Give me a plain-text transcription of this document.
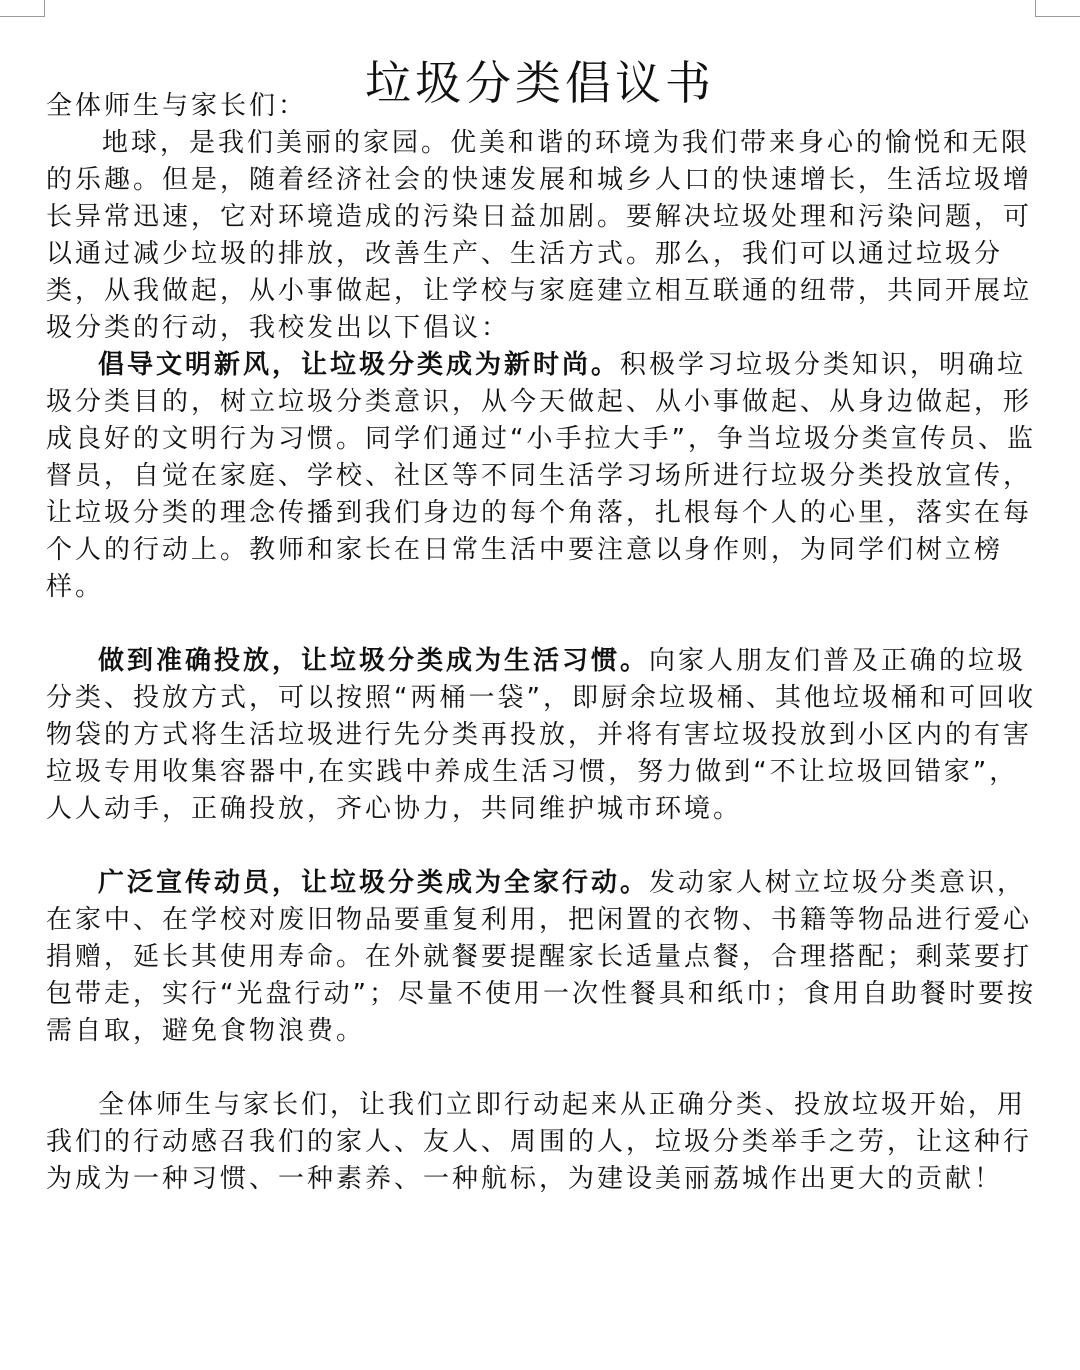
垃圾分类倡议书

全体师生与家长们：

地球，是我们美丽的家园。优美和谐的环境为我们带来身心的愉悦和无限的乐趣。但是，随着经济社会的快速发展和城乡人口的快速增长，生活垃圾增长异常迅速，它对环境造成的污染日益加剧。要解决垃圾处理和污染问题，可以通过减少垃圾的排放，改善生产、生活方式。那么，我们可以通过垃圾分类，从我做起，从小事做起，让学校与家庭建立相互联通的纽带，共同开展垃圾分类的行动，我校发出以下倡议：

倡导文明新风，让垃圾分类成为新时尚。积极学习垃圾分类知识，明确垃圾分类目的，树立垃圾分类意识，从今天做起、从小事做起、从身边做起，形成良好的文明行为习惯。同学们通过“小手拉大手”，争当垃圾分类宣传员、监督员，自觉在家庭、学校、社区等不同生活学习场所进行垃圾分类投放宣传，让垃圾分类的理念传播到我们身边的每个角落，扎根每个人的心里，落实在每个人的行动上。教师和家长在日常生活中要注意以身作则，为同学们树立榜样。

做到准确投放，让垃圾分类成为生活习惯。向家人朋友们普及正确的垃圾分类、投放方式，可以按照“两桶一袋”，即厨余垃圾桶、其他垃圾桶和可回收物袋的方式将生活垃圾进行先分类再投放，并将有害垃圾投放到小区内的有害垃圾专用收集容器中,在实践中养成生活习惯，努力做到“不让垃圾回错家”，人人动手，正确投放，齐心协力，共同维护城市环境。

广泛宣传动员，让垃圾分类成为全家行动。发动家人树立垃圾分类意识，在家中、在学校对废旧物品要重复利用，把闲置的衣物、书籍等物品进行爱心捐赠，延长其使用寿命。在外就餐要提醒家长适量点餐，合理搭配；剩菜要打包带走，实行“光盘行动”；尽量不使用一次性餐具和纸巾；食用自助餐时要按需自取，避免食物浪费。

全体师生与家长们，让我们立即行动起来从正确分类、投放垃圾开始，用我们的行动感召我们的家人、友人、周围的人，垃圾分类举手之劳，让这种行为成为一种习惯、一种素养、一种航标，为建设美丽荔城作出更大的贡献！
